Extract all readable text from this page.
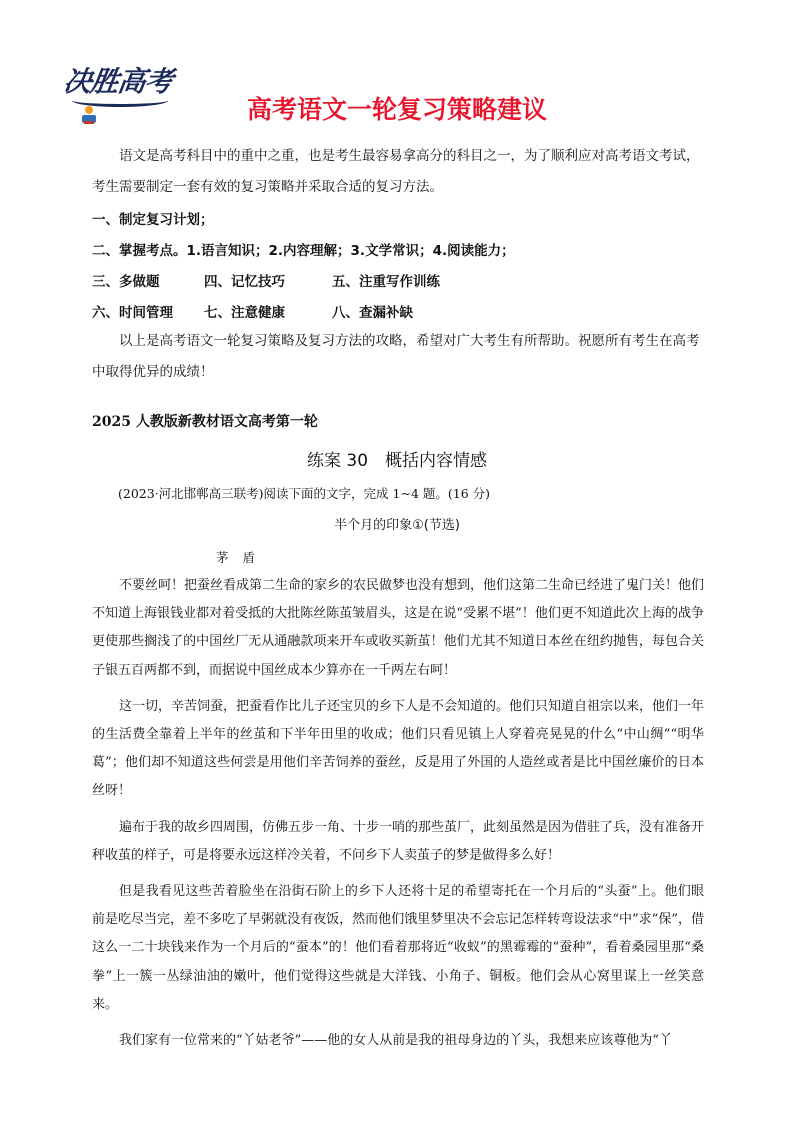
决胜高考
高考语文一轮复习策略建议

语文是高考科目中的重中之重，也是考生最容易拿高分的科目之一，为了顺利应对高考语文考试，考生需要制定一套有效的复习策略并采取合适的复习方法。

一、制定复习计划；
二、掌握考点。1.语言知识；2.内容理解；3.文学常识；4.阅读能力；
三、多做题	四、记忆技巧	五、注重写作训练
六、时间管理 七、注意健康	八、查漏补缺

以上是高考语文一轮复习策略及复习方法的攻略，希望对广大考生有所帮助。祝愿所有考生在高考中取得优异的成绩！

2025 人教版新教材语文高考第一轮
练案 30　概括内容情感
(2023·河北邯郸高三联考)阅读下面的文字，完成 1~4 题。(16 分)
半个月的印象①(节选)
茅盾

不要丝呵！把蚕丝看成第二生命的家乡的农民做梦也没有想到，他们这第二生命已经进了鬼门关！他们不知道上海银钱业都对着受抵的大批陈丝陈茧皱眉头，这是在说“受累不堪”！他们更不知道此次上海的战争更使那些搁浅了的中国丝厂无从通融款项来开车或收买新茧！他们尤其不知道日本丝在纽约抛售，每包合关子银五百两都不到，而据说中国丝成本少算亦在一千两左右呵！

这一切，辛苦饲蚕，把蚕看作比儿子还宝贝的乡下人是不会知道的。他们只知道自祖宗以来，他们一年的生活费全靠着上半年的丝茧和下半年田里的收成；他们只看见镇上人穿着亮晃晃的什么“中山绸”“明华葛”；他们却不知道这些何尝是用他们辛苦饲养的蚕丝，反是用了外国的人造丝或者是比中国丝廉价的日本丝呀！

遍布于我的故乡四周围，仿佛五步一角、十步一哨的那些茧厂，此刻虽然是因为借驻了兵，没有准备开秤收茧的样子，可是将要永远这样冷关着，不问乡下人卖茧子的梦是做得多么好！

但是我看见这些苦着脸坐在沿街石阶上的乡下人还将十足的希望寄托在一个月后的“头蚕”上。他们眼前是吃尽当完，差不多吃了早粥就没有夜饭，然而他们饿里梦里决不会忘记怎样转弯设法求“中”求“保”，借这么一二十块钱来作为一个月后的“蚕本”的！他们看着那将近“收蚁”的黑霉霉的“蚕种”，看着桑园里那“桑拳”上一簇一丛绿油油的嫩叶，他们觉得这些就是大洋钱、小角子、铜板。他们会从心窝里谋上一丝笑意来。

我们家有一位常来的“丫姑老爷”——他的女人从前是我的祖母身边的丫头，我想来应该尊他为“丫
